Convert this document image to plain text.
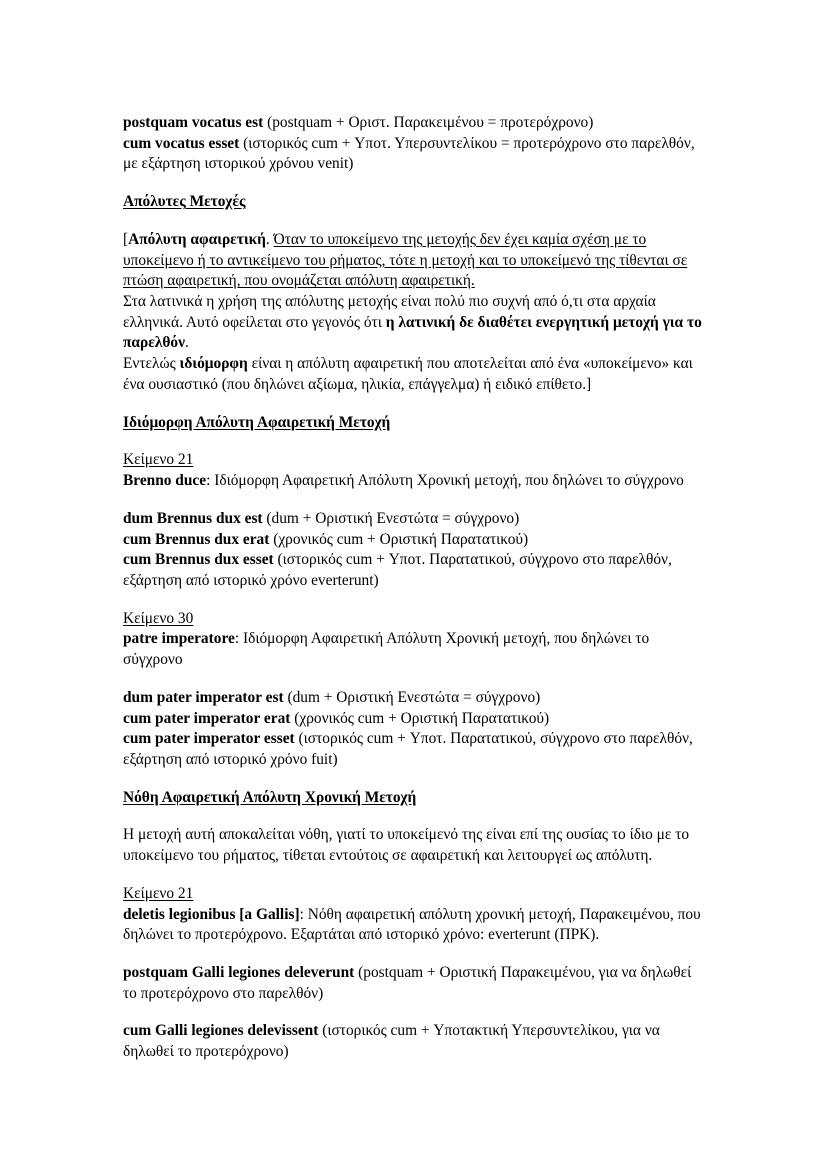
postquam vocatus est (postquam + Οριστ. Παρακειμένου = προτερόχρονο)

cum vocatus esset (ιστορικός cum + Υποτ. Υπερσυντελίκου = προτερόχρονο στο παρελθόν, με εξάρτηση ιστορικού χρόνου venit)

Απόλυτες Μετοχές

[Απόλυτη αφαιρετική. Όταν το υποκείμενο της μετοχής δεν έχει καμία σχέση με το υποκείμενο ή το αντικείμενο του ρήματος, τότε η μετοχή και το υποκείμενό της τίθενται σε πτώση αφαιρετική, που ονομάζεται απόλυτη αφαιρετική.

Στα λατινικά η χρήση της απόλυτης μετοχής είναι πολύ πιο συχνή από ό,τι στα αρχαία ελληνικά. Αυτό οφείλεται στο γεγονός ότι η λατινική δε διαθέτει ενεργητική μετοχή για το παρελθόν.

Εντελώς ιδιόμορφη είναι η απόλυτη αφαιρετική που αποτελείται από ένα «υποκείμενο» και ένα ουσιαστικό (που δηλώνει αξίωμα, ηλικία, επάγγελμα) ή ειδικό επίθετο.]

Ιδιόμορφη Απόλυτη Αφαιρετική Μετοχή

Κείμενο 21

Brenno duce: Ιδιόμορφη Αφαιρετική Απόλυτη Χρονική μετοχή, που δηλώνει το σύγχρονο

dum Brennus dux est (dum + Οριστική Ενεστώτα = σύγχρονο)

cum Brennus dux erat (χρονικός cum + Οριστική Παρατατικού)

cum Brennus dux esset (ιστορικός cum + Υποτ. Παρατατικού, σύγχρονο στο παρελθόν, εξάρτηση από ιστορικό χρόνο everterunt)

Κείμενο 30

patre imperatore: Ιδιόμορφη Αφαιρετική Απόλυτη Χρονική μετοχή, που δηλώνει το σύγχρονο

dum pater imperator est (dum + Οριστική Ενεστώτα = σύγχρονο)

cum pater imperator erat (χρονικός cum + Οριστική Παρατατικού)

cum pater imperator esset (ιστορικός cum + Υποτ. Παρατατικού, σύγχρονο στο παρελθόν, εξάρτηση από ιστορικό χρόνο fuit)

Νόθη Αφαιρετική Απόλυτη Χρονική Μετοχή

Η μετοχή αυτή αποκαλείται νόθη, γιατί το υποκείμενό της είναι επί της ουσίας το ίδιο με το υποκείμενο του ρήματος, τίθεται εντούτοις σε αφαιρετική και λειτουργεί ως απόλυτη.

Κείμενο 21

deletis legionibus [a Gallis]: Νόθη αφαιρετική απόλυτη χρονική μετοχή, Παρακειμένου, που δηλώνει το προτερόχρονο. Εξαρτάται από ιστορικό χρόνο: everterunt (ΠΡΚ).

postquam Galli legiones deleverunt (postquam + Οριστική Παρακειμένου, για να δηλωθεί το προτερόχρονο στο παρελθόν)

cum Galli legiones delevissent (ιστορικός cum + Υποτακτική Υπερσυντελίκου, για να δηλωθεί το προτερόχρονο)
